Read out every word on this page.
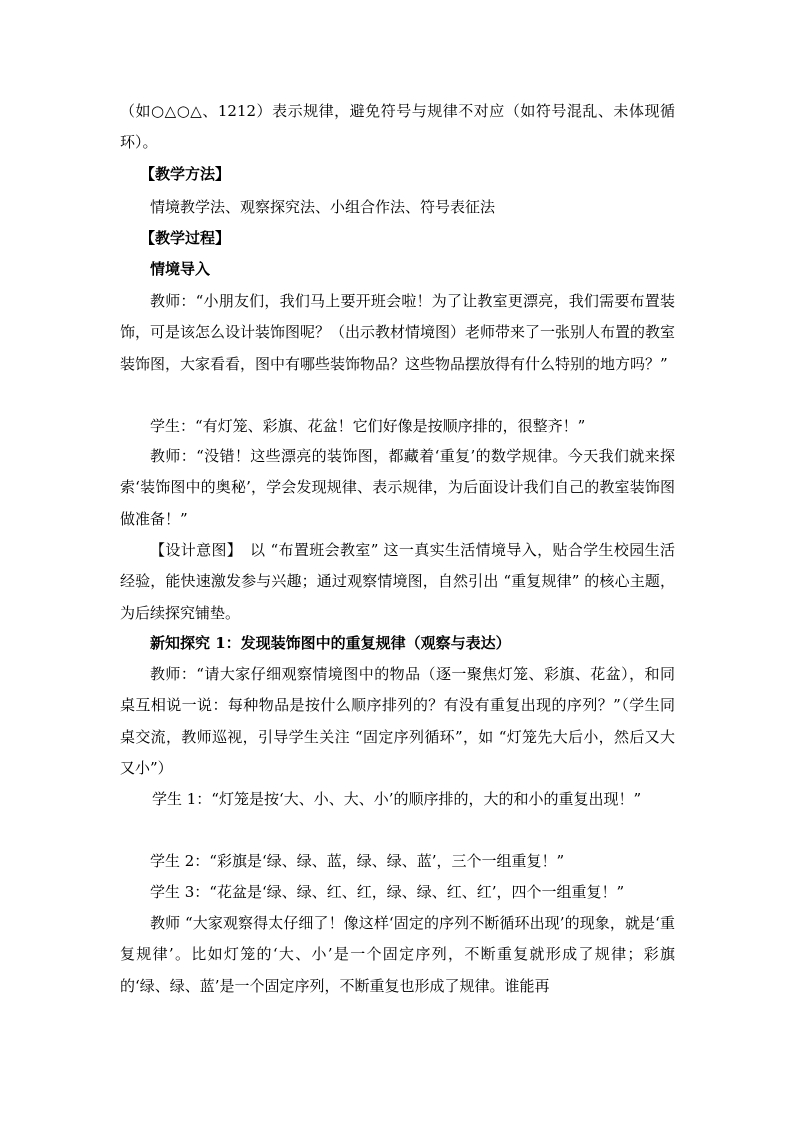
（如○△○△、1212）表示规律，避免符号与规律不对应（如符号混乱、未体现循环）。
【教学方法】
情境教学法、观察探究法、小组合作法、符号表征法
【教学过程】
情境导入
教师：“小朋友们，我们马上要开班会啦！为了让教室更漂亮，我们需要布置装饰，可是该怎么设计装饰图呢？（出示教材情境图）老师带来了一张别人布置的教室装饰图，大家看看，图中有哪些装饰物品？这些物品摆放得有什么特别的地方吗？”
学生：“有灯笼、彩旗、花盆！它们好像是按顺序排的，很整齐！”
教师：“没错！这些漂亮的装饰图，都藏着‘重复’的数学规律。今天我们就来探索‘装饰图中的奥秘’，学会发现规律、表示规律，为后面设计我们自己的教室装饰图做准备！”
【设计意图】　以 “布置班会教室” 这一真实生活情境导入，贴合学生校园生活经验，能快速激发参与兴趣；通过观察情境图，自然引出 “重复规律” 的核心主题，为后续探究铺垫。
新知探究 1：发现装饰图中的重复规律（观察与表达）
教师：“请大家仔细观察情境图中的物品（逐一聚焦灯笼、彩旗、花盆），和同桌互相说一说：每种物品是按什么顺序排列的？有没有重复出现的序列？”（学生同桌交流，教师巡视，引导学生关注 “固定序列循环”，如 “灯笼先大后小，然后又大又小”）
学生 1：“灯笼是按‘大、小、大、小’的顺序排的，大的和小的重复出现！”
学生 2：“彩旗是‘绿、绿、蓝，绿、绿、蓝’，三个一组重复！”
学生 3：“花盆是‘绿、绿、红、红，绿、绿、红、红’，四个一组重复！”
教师 “大家观察得太仔细了！像这样‘固定的序列不断循环出现’的现象，就是‘重复规律’。比如灯笼的‘大、小’是一个固定序列，不断重复就形成了规律；彩旗的‘绿、绿、蓝’是一个固定序列，不断重复也形成了规律。谁能再
